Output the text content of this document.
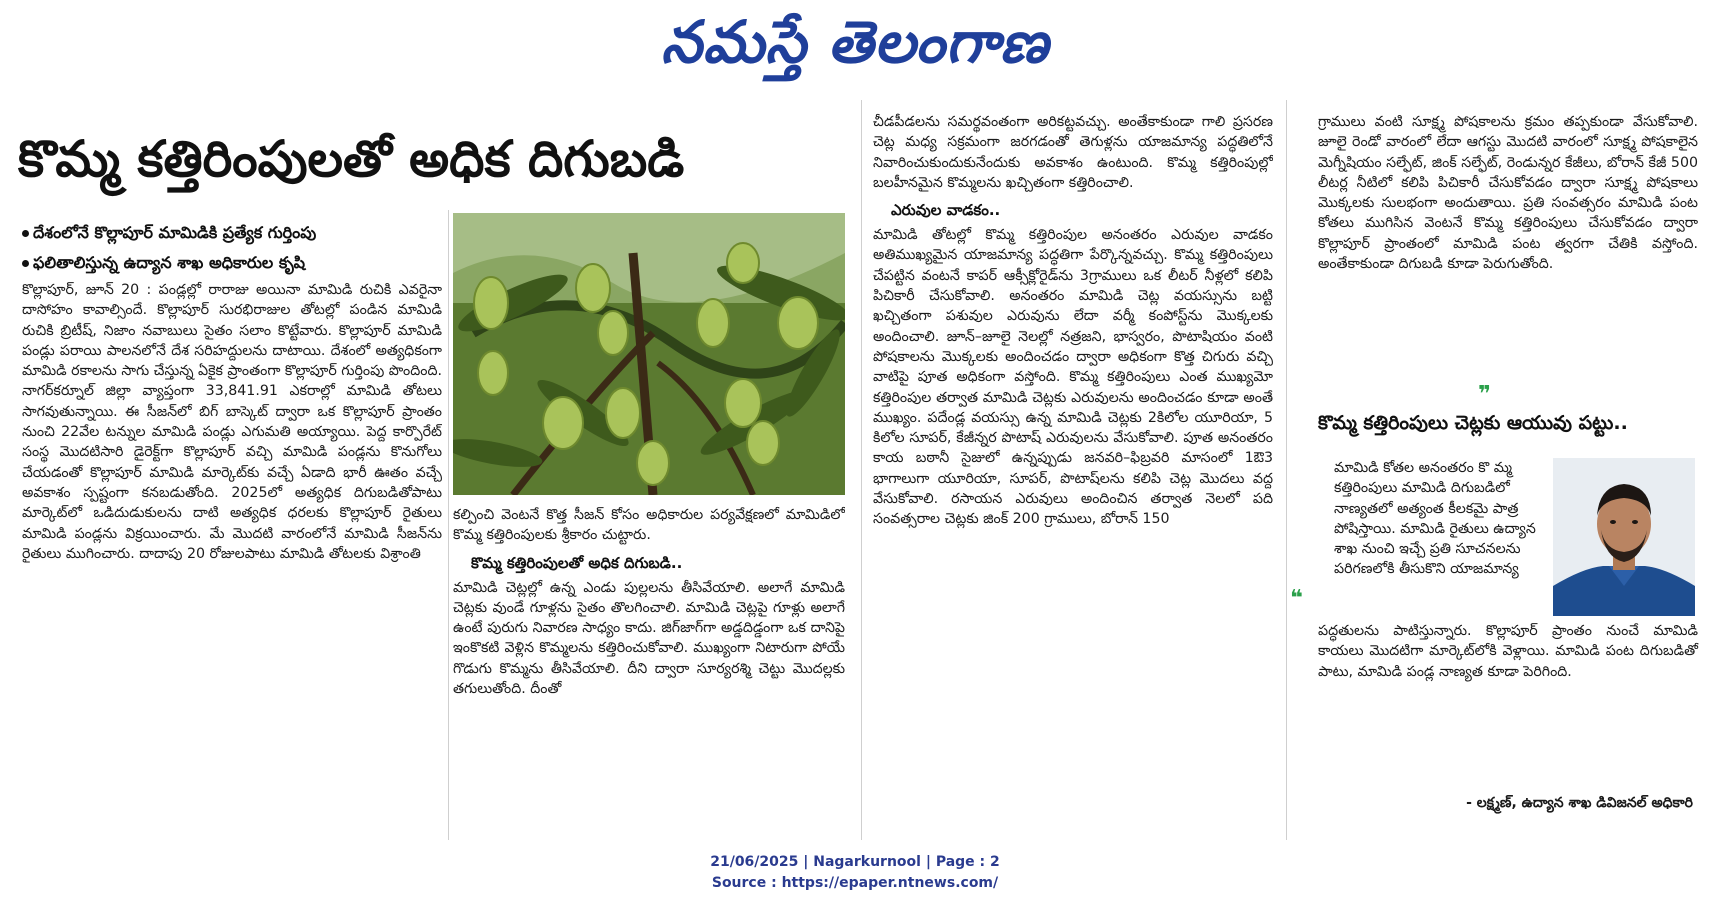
నమస్తే తెలంగాణ
కొమ్మ కత్తిరింపులతో అధిక దిగుబడి
దేశంలోనే కొల్లాపూర్ మామిడికి ప్రత్యేక గుర్తింపు
ఫలితాలిస్తున్న ఉద్యాన శాఖ అధికారుల కృషి

కొల్లాపూర్, జూన్ 20 : పండ్లల్లో రారాజు అయినా మామిడి రుచికి ఎవరైనా దాసోహం కావాల్సిందే. కొల్లాపూర్ సురభిరాజుల తోటల్లో పండిన మామిడి రుచికి బ్రిటీష్, నిజాం నవాబులు సైతం సలాం కొట్టేవారు. కొల్లాపూర్ మామిడి పండ్లు పరాయి పాలనలోనే దేశ సరిహద్దులను దాటాయి. దేశంలో అత్యధికంగా మామిడి రకాలను సాగు చేస్తున్న ఏకైక ప్రాంతంగా కొల్లాపూర్ గుర్తింపు పొందింది. నాగర్‌కర్నూల్ జిల్లా వ్యాప్తంగా 33,841.91 ఎకరాల్లో మామిడి తోటలు సాగవుతున్నాయి. ఈ సీజన్‌లో బిగ్ బాస్కెట్ ద్వారా ఒక కొల్లాపూర్ ప్రాంతం నుంచి 22వేల టన్నుల మామిడి పండ్లు ఎగుమతి అయ్యాయి. పెద్ద కార్పొరేట్ సంస్థ మొదటిసారి డైరెక్ట్‌గా కొల్లాపూర్ వచ్చి మామిడి పండ్లను కొనుగోలు చేయడంతో కొల్లాపూర్ మామిడి మార్కెట్‌కు వచ్చే ఏడాది భారీ ఊతం వచ్చే అవకాశం స్పష్టంగా కనబడుతోంది. 2025లో అత్యధిక దిగుబడితోపాటు మార్కెట్‌లో ఒడిదుడుకులను దాటి అత్యధిక ధరలకు కొల్లాపూర్ రైతులు మామిడి పండ్లను విక్రయించారు. మే మొదటి వారంలోనే మామిడి సీజన్‌ను రైతులు ముగించారు. దాదాపు 20 రోజులపాటు మామిడి తోటలకు విశ్రాంతి

కల్పించి వెంటనే కొత్త సీజన్ కోసం అధికారుల పర్యవేక్షణలో మామిడిలో కొమ్మ కత్తిరింపులకు శ్రీకారం చుట్టారు.

కొమ్మ కత్తిరింపులతో అధిక దిగుబడి..

మామిడి చెట్లల్లో ఉన్న ఎండు పుల్లలను తీసివేయాలి. అలాగే మామిడి చెట్లకు వుండే గూళ్లను సైతం తొలగించాలి. మామిడి చెట్లపై గూళ్లు అలాగే ఉంటే పురుగు నివారణ సాధ్యం కాదు. జిగ్‌జాగ్‌గా అడ్డదిడ్డంగా ఒక దానిపై ఇంకొకటి వెళ్లిన కొమ్మలను కత్తిరించుకోవాలి. ముఖ్యంగా నిటారుగా పోయే గొడుగు కొమ్మను తీసివేయాలి. దీని ద్వారా సూర్యరశ్మి చెట్టు మొదల్లకు తగులుతోంది. దీంతో

చీడపీడలను సమర్థవంతంగా అరికట్టవచ్చు. అంతేకాకుండా గాలి ప్రసరణ చెట్ల మధ్య సక్రమంగా జరగడంతో తెగుళ్లను యాజమాన్య పద్ధతిలోనే నివారించుకుందుకునేందుకు అవకాశం ఉంటుంది. కొమ్మ కత్తిరింపుల్లో బలహీనమైన కొమ్మలను ఖచ్చితంగా కత్తిరించాలి.

ఎరువుల వాడకం..

మామిడి తోటల్లో కొమ్మ కత్తిరింపుల అనంతరం ఎరువుల వాడకం అతిముఖ్యమైన యాజమాన్య పద్ధతిగా పేర్కొన్నవచ్చు. కొమ్మ కత్తిరింపులు చేపట్టిన వంటనే కాపర్ ఆక్సీక్లోరైడ్‌ను 3గ్రాములు ఒక లీటర్ నీళ్లలో కలిపి పిచికారీ చేసుకోవాలి. అనంతరం మామిడి చెట్ల వయస్సును బట్టి ఖచ్చితంగా పశువుల ఎరువును లేదా వర్మీ కంపోస్ట్‌ను మొక్కలకు అందించాలి. జూన్–జూలై నెలల్లో నత్రజని, భాస్వరం, పొటాషియం వంటి పోషకాలను మొక్కలకు అందించడం ద్వారా అధికంగా కొత్త చిగురు వచ్చి వాటిపై పూత అధికంగా వస్తోంది. కొమ్మ కత్తిరింపులు ఎంత ముఖ్యమో కత్తిరింపుల తర్వాత మామిడి చెట్లకు ఎరువులను అందించడం కూడా అంతే ముఖ్యం. పదేండ్ల వయస్సు ఉన్న మామిడి చెట్లకు 2కిలోల యూరియా, 5 కిలోల సూపర్, కేజీన్నర పొటాష్ ఎరువులను వేసుకోవాలి. పూత అనంతరం కాయ బఠానీ సైజులో ఉన్నప్పుడు జనవరి–ఫిబ్రవరి మాసంలో 1ఔ3 భాగాలుగా యూరియా, సూపర్, పొటాష్‌లను కలిపి చెట్ల మొదలు వద్ద వేసుకోవాలి. రసాయన ఎరువులు అందించిన తర్వాత నెలలో పది సంవత్సరాల చెట్లకు జింక్ 200 గ్రాములు, బోరాన్ 150

గ్రాములు వంటి సూక్ష్మ పోషకాలను క్రమం తప్పకుండా వేసుకోవాలి. జూలై రెండో వారంలో లేదా ఆగస్టు మొదటి వారంలో సూక్ష్మ పోషకాలైన మెగ్నీషియం సల్ఫేట్, జింక్ సల్ఫేట్, రెండున్నర కేజీలు, బోరాన్ కేజీ 500 లీటర్ల నీటిలో కలిపి పిచికారీ చేసుకోవడం ద్వారా సూక్ష్మ పోషకాలు మొక్కలకు సులభంగా అందుతాయి. ప్రతి సంవత్సరం మామిడి పంట కోతలు ముగిసిన వెంటనే కొమ్మ కత్తిరింపులు చేసుకోవడం ద్వారా కొల్లాపూర్ ప్రాంతంలో మామిడి పంట త్వరగా చేతికి వస్తోంది. అంతేకాకుండా దిగుబడి కూడా పెరుగుతోంది.

❞
కొమ్మ కత్తిరింపులు చెట్లకు ఆయువు పట్టు..
❝
మామిడి కోతల అనంతరం కొ మ్మ కత్తిరింపులు మామిడి దిగుబడిలో నాణ్యతలో అత్యంత కీలకమై పాత్ర పోషిస్తాయి. మామిడి రైతులు ఉద్యాన శాఖ నుంచి ఇచ్చే ప్రతి సూచనలను పరిగణలోకి తీసుకొని యాజమాన్య
పద్ధతులను పాటిస్తున్నారు. కొల్లాపూర్ ప్రాంతం నుంచే మామిడి కాయలు మొదటిగా మార్కెట్‌లోకి వెళ్లాయి. మామిడి పంట దిగుబడితో పాటు, మామిడి పండ్ల నాణ్యత కూడా పెరిగింది.
- లక్ష్మణ్, ఉద్యాన శాఖ డివిజనల్ అధికారి
21/06/2025 | Nagarkurnool | Page : 2
Source : https://epaper.ntnews.com/
